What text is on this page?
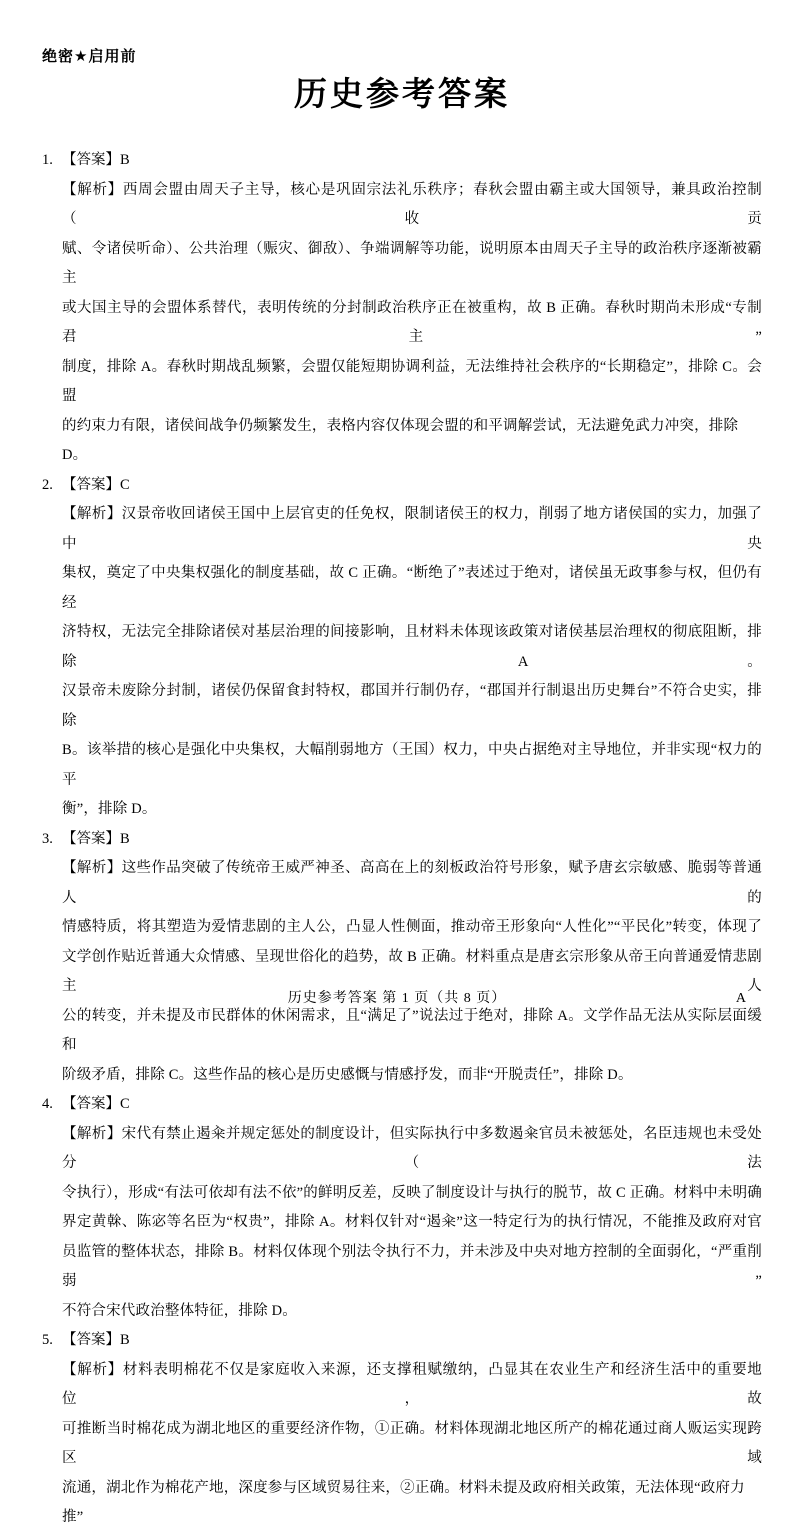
绝密★启用前
历史参考答案
1. 【答案】B
【解析】西周会盟由周天子主导，核心是巩固宗法礼乐秩序；春秋会盟由霸主或大国领导，兼具政治控制（收贡
赋、令诸侯听命）、公共治理（赈灾、御敌）、争端调解等功能，说明原本由周天子主导的政治秩序逐渐被霸主
或大国主导的会盟体系替代，表明传统的分封制政治秩序正在被重构，故 B 正确。春秋时期尚未形成“专制君主”
制度，排除 A。春秋时期战乱频繁，会盟仅能短期协调利益，无法维持社会秩序的“长期稳定”，排除 C。会盟
的约束力有限，诸侯间战争仍频繁发生，表格内容仅体现会盟的和平调解尝试，无法避免武力冲突，排除 D。
2. 【答案】C
【解析】汉景帝收回诸侯王国中上层官吏的任免权，限制诸侯王的权力，削弱了地方诸侯国的实力，加强了中央
集权，奠定了中央集权强化的制度基础，故 C 正确。“断绝了”表述过于绝对，诸侯虽无政事参与权，但仍有经
济特权，无法完全排除诸侯对基层治理的间接影响，且材料未体现该政策对诸侯基层治理权的彻底阻断，排除 A。
汉景帝未废除分封制，诸侯仍保留食封特权，郡国并行制仍存，“郡国并行制退出历史舞台”不符合史实，排除
B。该举措的核心是强化中央集权，大幅削弱地方（王国）权力，中央占据绝对主导地位，并非实现“权力的平
衡”，排除 D。
3. 【答案】B
【解析】这些作品突破了传统帝王威严神圣、高高在上的刻板政治符号形象，赋予唐玄宗敏感、脆弱等普通人的
情感特质，将其塑造为爱情悲剧的主人公，凸显人性侧面，推动帝王形象向“人性化”“平民化”转变，体现了
文学创作贴近普通大众情感、呈现世俗化的趋势，故 B 正确。材料重点是唐玄宗形象从帝王向普通爱情悲剧主人
公的转变，并未提及市民群体的休闲需求，且“满足了”说法过于绝对，排除 A。文学作品无法从实际层面缓和
阶级矛盾，排除 C。这些作品的核心是历史感慨与情感抒发，而非“开脱责任”，排除 D。
4. 【答案】C
【解析】宋代有禁止遏籴并规定惩处的制度设计，但实际执行中多数遏籴官员未被惩处，名臣违规也未受处分（法
令执行），形成“有法可依却有法不依”的鲜明反差，反映了制度设计与执行的脱节，故 C 正确。材料中未明确
界定黄榦、陈宓等名臣为“权贵”，排除 A。材料仅针对“遏籴”这一特定行为的执行情况，不能推及政府对官
员监管的整体状态，排除 B。材料仅体现个别法令执行不力，并未涉及中央对地方控制的全面弱化，“严重削弱”
不符合宋代政治整体特征，排除 D。
5. 【答案】B
【解析】材料表明棉花不仅是家庭收入来源，还支撑租赋缴纳，凸显其在农业生产和经济生活中的重要地位，故
可推断当时棉花成为湖北地区的重要经济作物，①正确。材料体现湖北地区所产的棉花通过商人贩运实现跨区域
流通，湖北作为棉花产地，深度参与区域贸易往来，②正确。材料未提及政府相关政策，无法体现“政府力推”
历史参考答案 第 1 页（共 8 页）	A
